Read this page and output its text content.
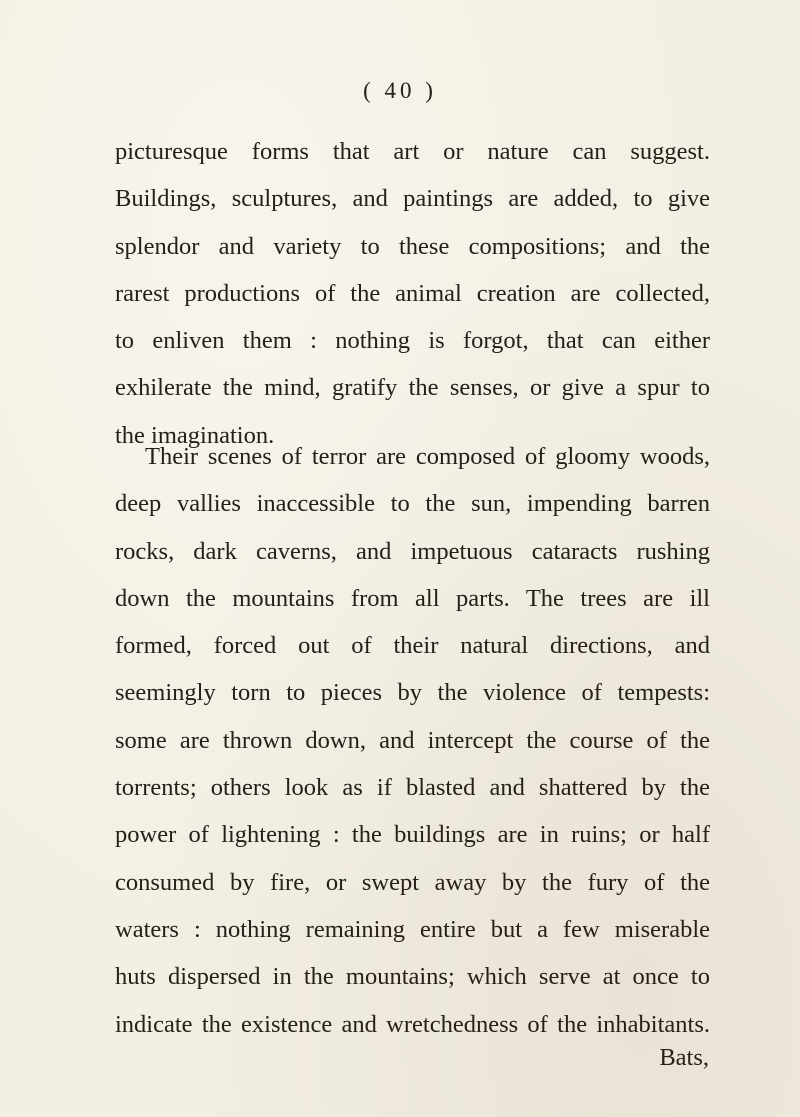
( 40 )
picturesque forms that art or nature can suggest.
Buildings, sculptures, and paintings are added, to give
splendor and variety to these compositions; and the
rarest productions of the animal creation are collected,
to enliven them : nothing is forgot, that can either
exhilerate the mind, gratify the senses, or give a spur to
the imagination.
Their scenes of terror are composed of gloomy woods,
deep vallies inaccessible to the sun, impending barren
rocks, dark caverns, and impetuous cataracts rushing
down the mountains from all parts. The trees are ill
formed, forced out of their natural directions, and
seemingly torn to pieces by the violence of tempests:
some are thrown down, and intercept the course of the
torrents; others look as if blasted and shattered by the
power of lightening : the buildings are in ruins; or half
consumed by fire, or swept away by the fury of the
waters : nothing remaining entire but a few miserable
huts dispersed in the mountains; which serve at once to
indicate the existence and wretchedness of the inhabitants.
Bats,
